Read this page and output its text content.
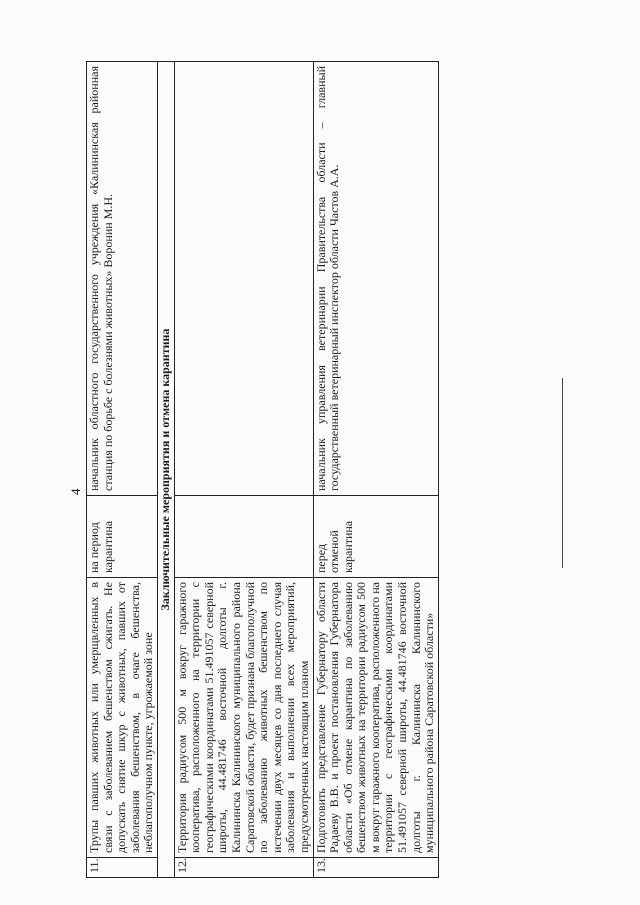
4
11.	Трупы павших животных или умерщвленных в связи с заболеванием бешенством сжигать. Не допускать снятие шкур с животных, павших от заболевания бешенством, в очаге бешенства, неблагополучном пункте, угрожаемой зоне	на период карантина	начальник областного государственного учреждения «Калининская районная станция по борьбе с болезнями животных» Воронин М.Н.
Заключительные мероприятия и отмена карантина			
12.	Территория радиусом 500 м вокруг гаражного кооператива, расположенного на территории с географическими координатами 51.491057 северной широты, 44.481746 восточной долготы г. Калининска Калининского муниципального района Саратовской области, будет признана благополучной по заболеванию животных бешенством по истечении двух месяцев со дня последнего случая заболевания и выполнении всех мероприятий, предусмотренных настоящим планом		
13.	Подготовить представление Губернатору области Радаеву В.В. и проект постановления Губернатора области «Об отмене карантина по заболеванию бешенством животных на территории радиусом 500 м вокруг гаражного кооператива, расположенного на территории с географическими координатами 51.491057 северной широты, 44.481746 восточной долготы г. Калининска Калининского муниципального района Саратовской области»	перед отменой карантина	начальник управления ветеринарии Правительства области – главный государственный ветеринарный инспектор области Частов А.А.
